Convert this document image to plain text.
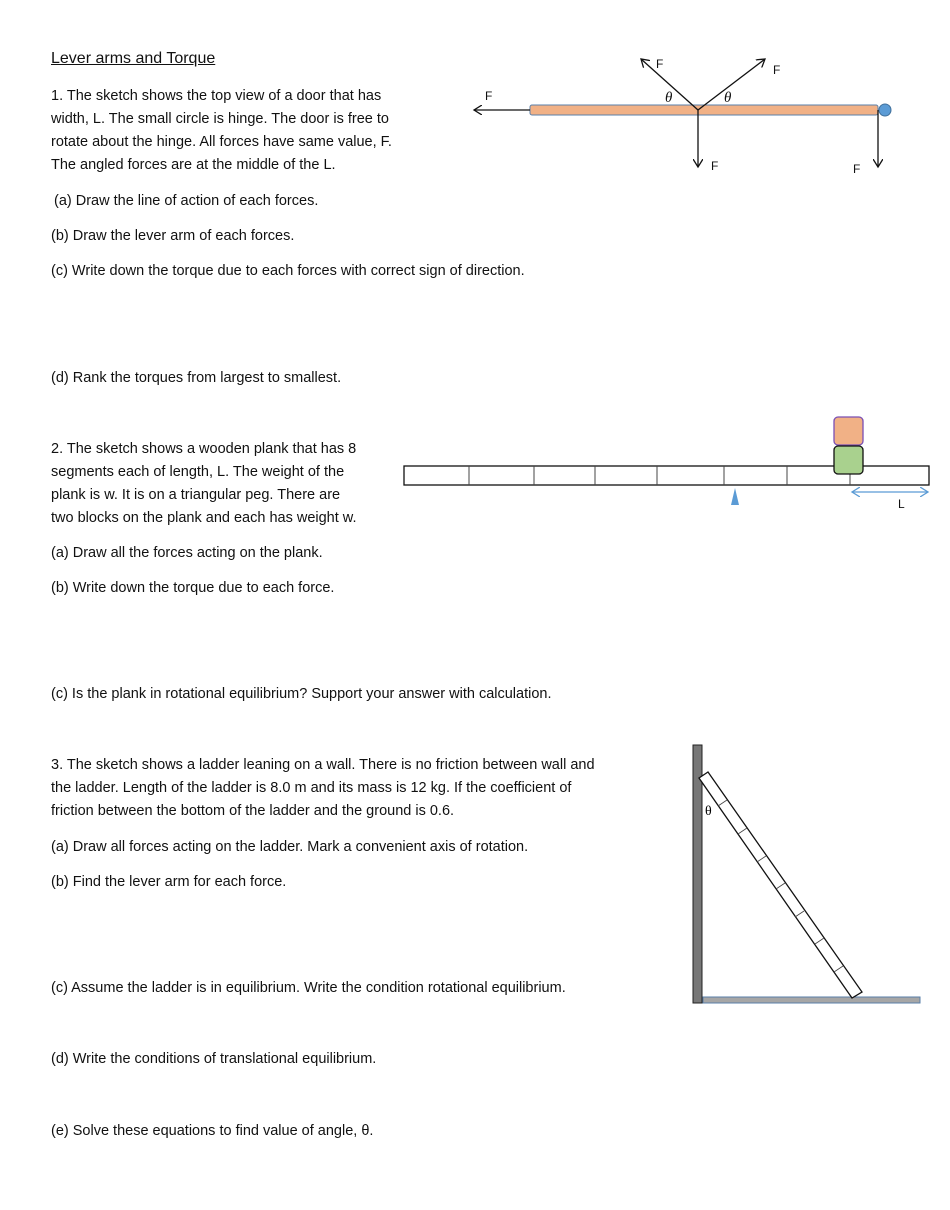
Lever arms and Torque
1. The sketch shows the top view of a door that has
width, L. The small circle is hinge. The door is free to
rotate about the hinge. All forces have same value, F.
The angled forces are at the middle of the L.
(a) Draw the line of action of each forces.
(b) Draw the lever arm of each forces.
(c) Write down the torque due to each forces with correct sign of direction.
(d) Rank the torques from largest to smallest.
2. The sketch shows a wooden plank that has 8
segments each of length, L. The weight of the
plank is w. It is on a triangular peg. There are
two blocks on the plank and each has weight w.
(a) Draw all the forces acting on the plank.
(b) Write down the torque due to each force.
(c) Is the plank in rotational equilibrium? Support your answer with calculation.
3. The sketch shows a ladder leaning on a wall. There is no friction between wall and
the ladder. Length of the ladder is 8.0 m and its mass is 12 kg. If the coefficient of
friction between the bottom of the ladder and the ground is 0.6.
(a) Draw all forces acting on the ladder. Mark a convenient axis of rotation.
(b) Find the lever arm for each force.
(c) Assume the ladder is in equilibrium. Write the condition rotational equilibrium.
(d) Write the conditions of translational equilibrium.
(e) Solve these equations to find value of angle, θ.
F
F	F
F	F
θ	θ
L
θ
